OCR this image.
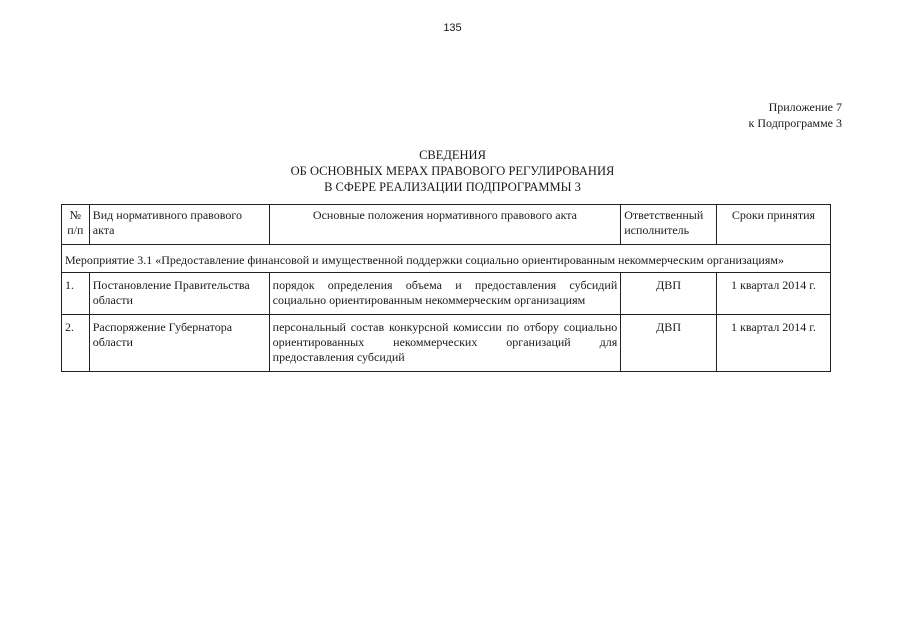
135
Приложение 7
к Подпрограмме 3
СВЕДЕНИЯ
ОБ ОСНОВНЫХ МЕРАХ ПРАВОВОГО РЕГУЛИРОВАНИЯ
В СФЕРЕ РЕАЛИЗАЦИИ ПОДПРОГРАММЫ 3
№ п/п	Вид нормативного правового акта	Основные положения нормативного правового акта	Ответственный исполнитель	Сроки принятия
Мероприятие 3.1 «Предоставление финансовой и имущественной поддержки социально ориентированным некоммерческим организациям»				
1.	Постановление Правительства области	порядок определения объема и предоставления субсидий социально ориентированным некоммерческим организациям	ДВП	1 квартал 2014 г.
2.	Распоряжение Губернатора области	персональный состав конкурсной комиссии по отбору социально ориентированных некоммерческих организаций для предоставления субсидий	ДВП	1 квартал 2014 г.
